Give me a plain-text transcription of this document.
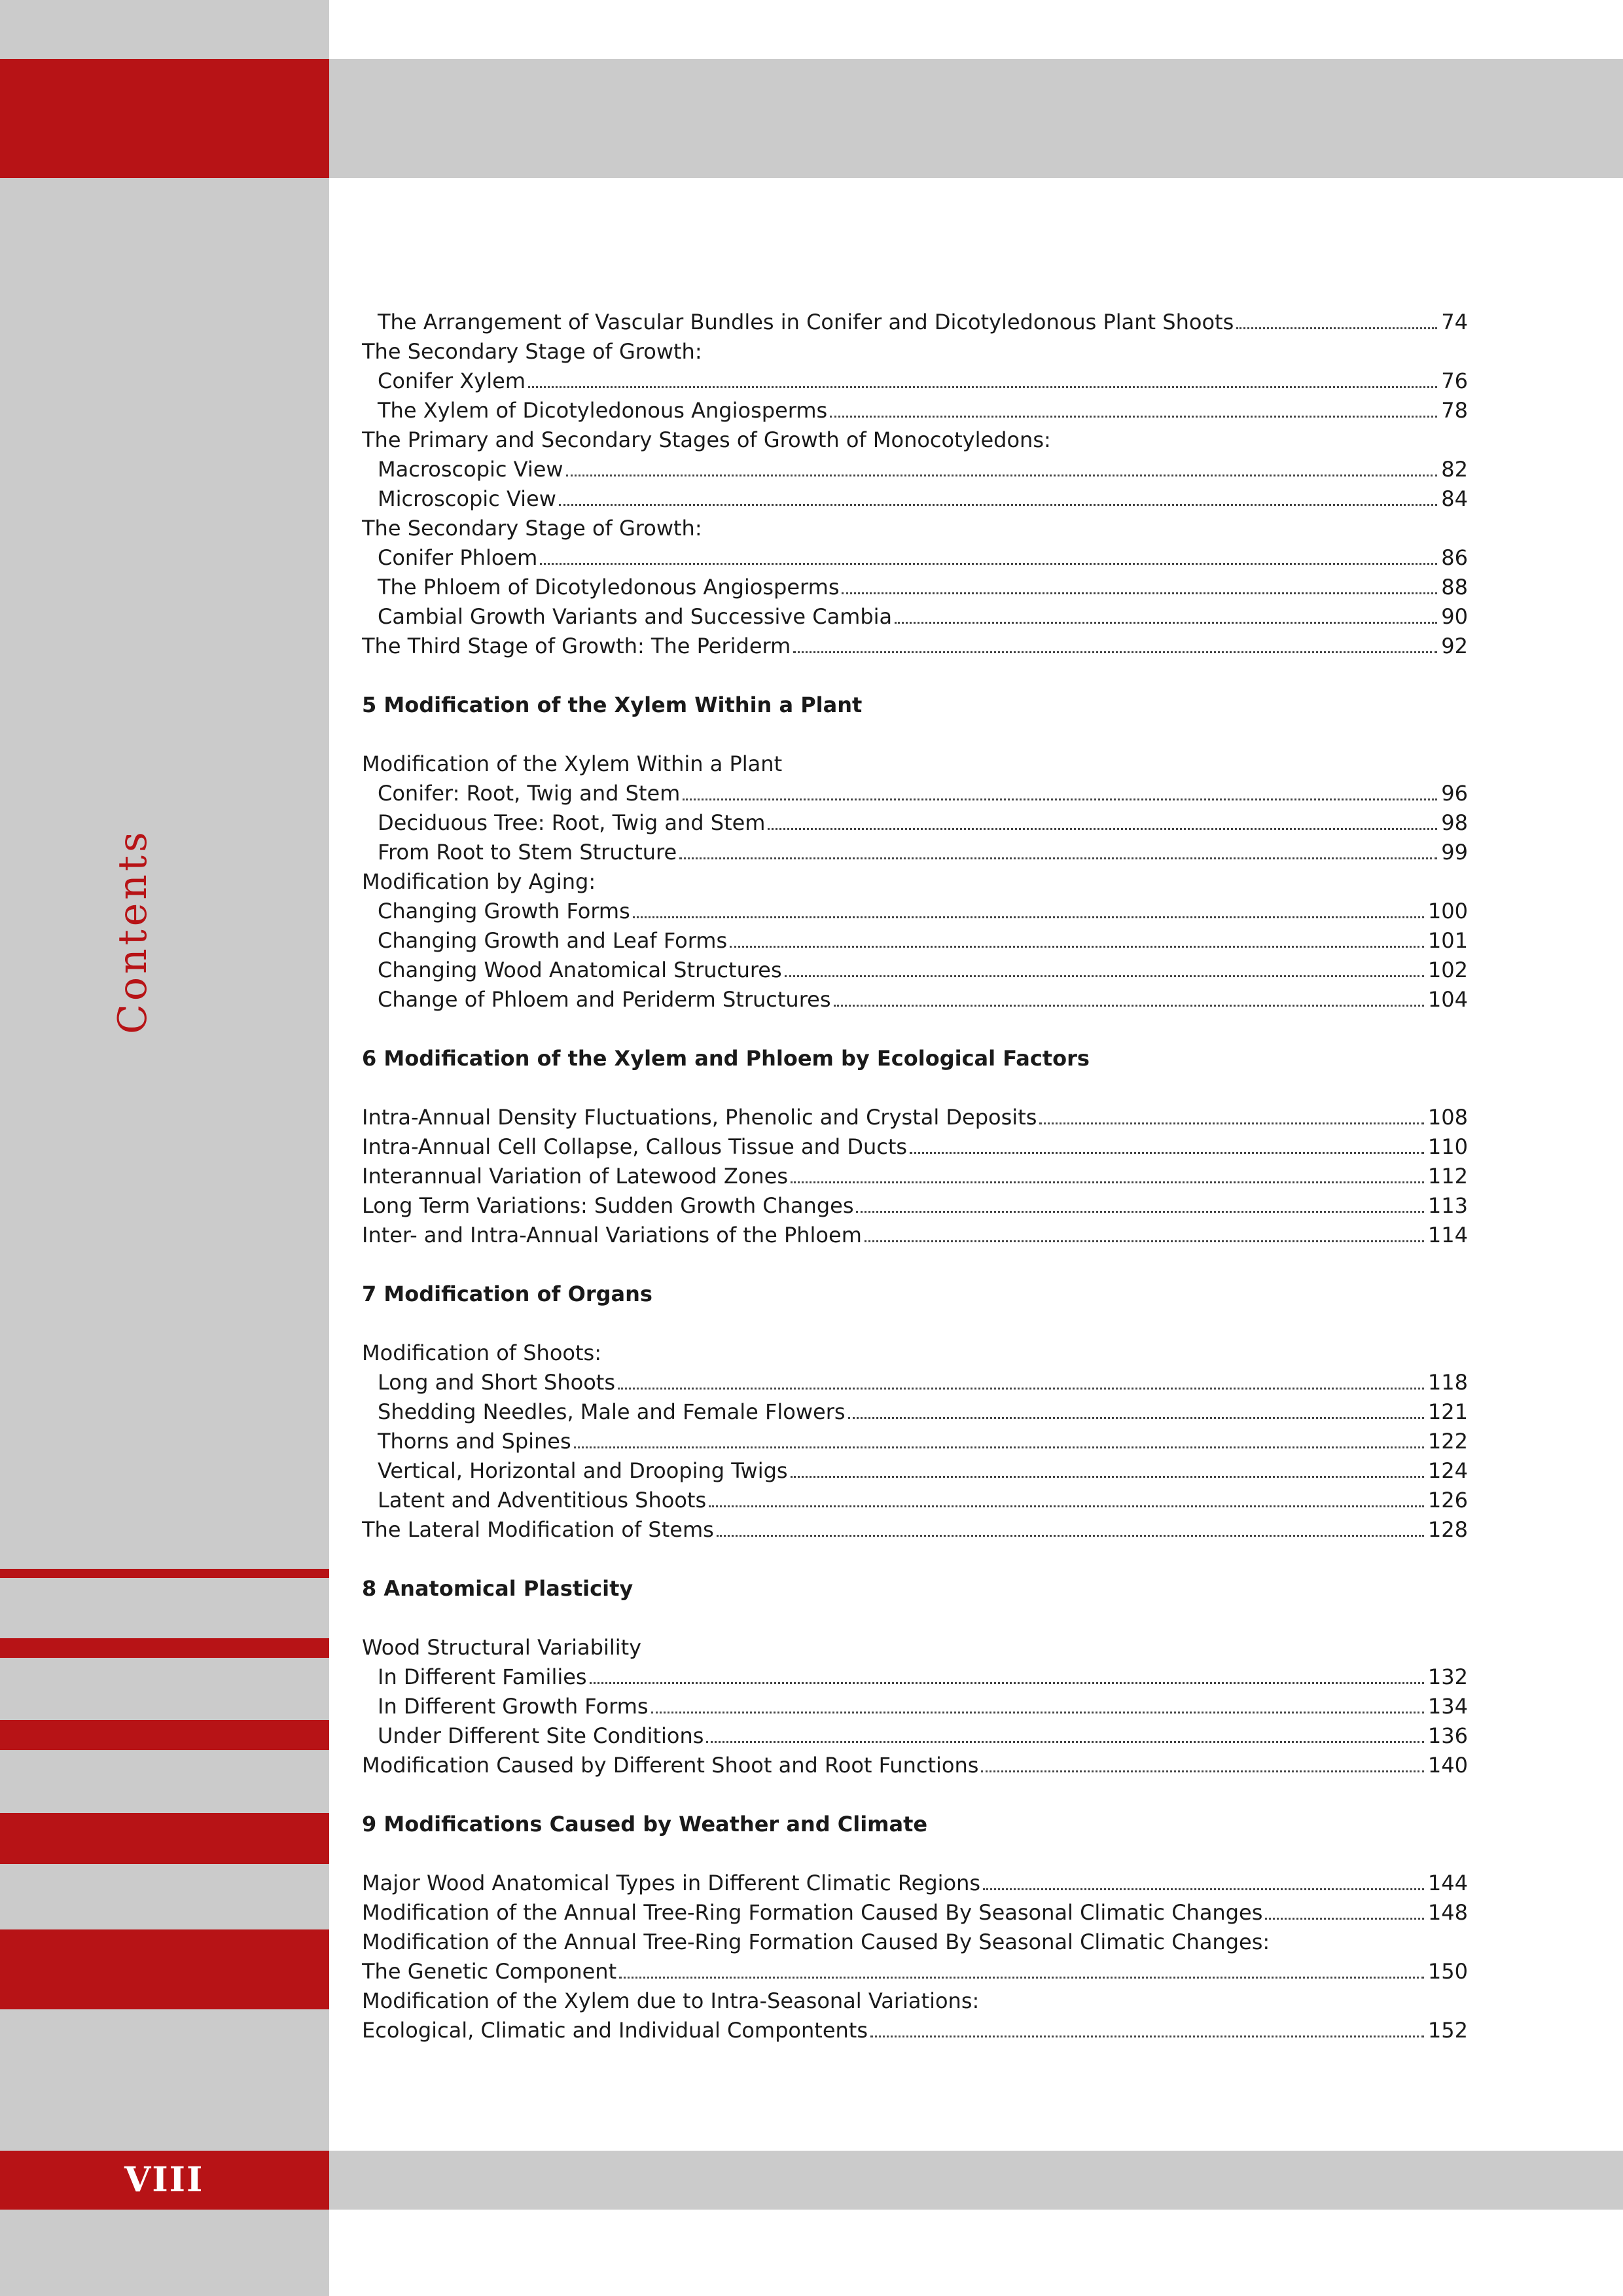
Contents
VIII
The Arrangement of Vascular Bundles in Conifer and Dicotyledonous Plant Shoots	74
The Secondary Stage of Growth:
Conifer Xylem	76
The Xylem of Dicotyledonous Angiosperms	78
The Primary and Secondary Stages of Growth of Monocotyledons:
Macroscopic View	82
Microscopic View	84
The Secondary Stage of Growth:
Conifer Phloem	86
The Phloem of Dicotyledonous Angiosperms	88
Cambial Growth Variants and Successive Cambia	90
The Third Stage of Growth: The Periderm	92
5 Modification of the Xylem Within a Plant
Modification of the Xylem Within a Plant
Conifer: Root, Twig and Stem	96
Deciduous Tree: Root, Twig and Stem	98
From Root to Stem Structure	99
Modification by Aging:
Changing Growth Forms	100
Changing Growth and Leaf Forms	101
Changing Wood Anatomical Structures	102
Change of Phloem and Periderm Structures	104
6 Modification of the Xylem and Phloem by Ecological Factors
Intra-Annual Density Fluctuations, Phenolic and Crystal Deposits	108
Intra-Annual Cell Collapse, Callous Tissue and Ducts	110
Interannual Variation of Latewood Zones	112
Long Term Variations: Sudden Growth Changes	113
Inter- and Intra-Annual Variations of the Phloem	114
7 Modification of Organs
Modification of Shoots:
Long and Short Shoots	118
Shedding Needles, Male and Female Flowers	121
Thorns and Spines	122
Vertical, Horizontal and Drooping Twigs	124
Latent and Adventitious Shoots	126
The Lateral Modification of Stems	128
8 Anatomical Plasticity
Wood Structural Variability
In Different Families	132
In Different Growth Forms	134
Under Different Site Conditions	136
Modification Caused by Different Shoot and Root Functions	140
9 Modifications Caused by Weather and Climate
Major Wood Anatomical Types in Different Climatic Regions	144
Modification of the Annual Tree-Ring Formation Caused By Seasonal Climatic Changes	148
Modification of the Annual Tree-Ring Formation Caused By Seasonal Climatic Changes:
The Genetic Component	150
Modification of the Xylem due to Intra-Seasonal Variations:
Ecological, Climatic and Individual Compontents	152
